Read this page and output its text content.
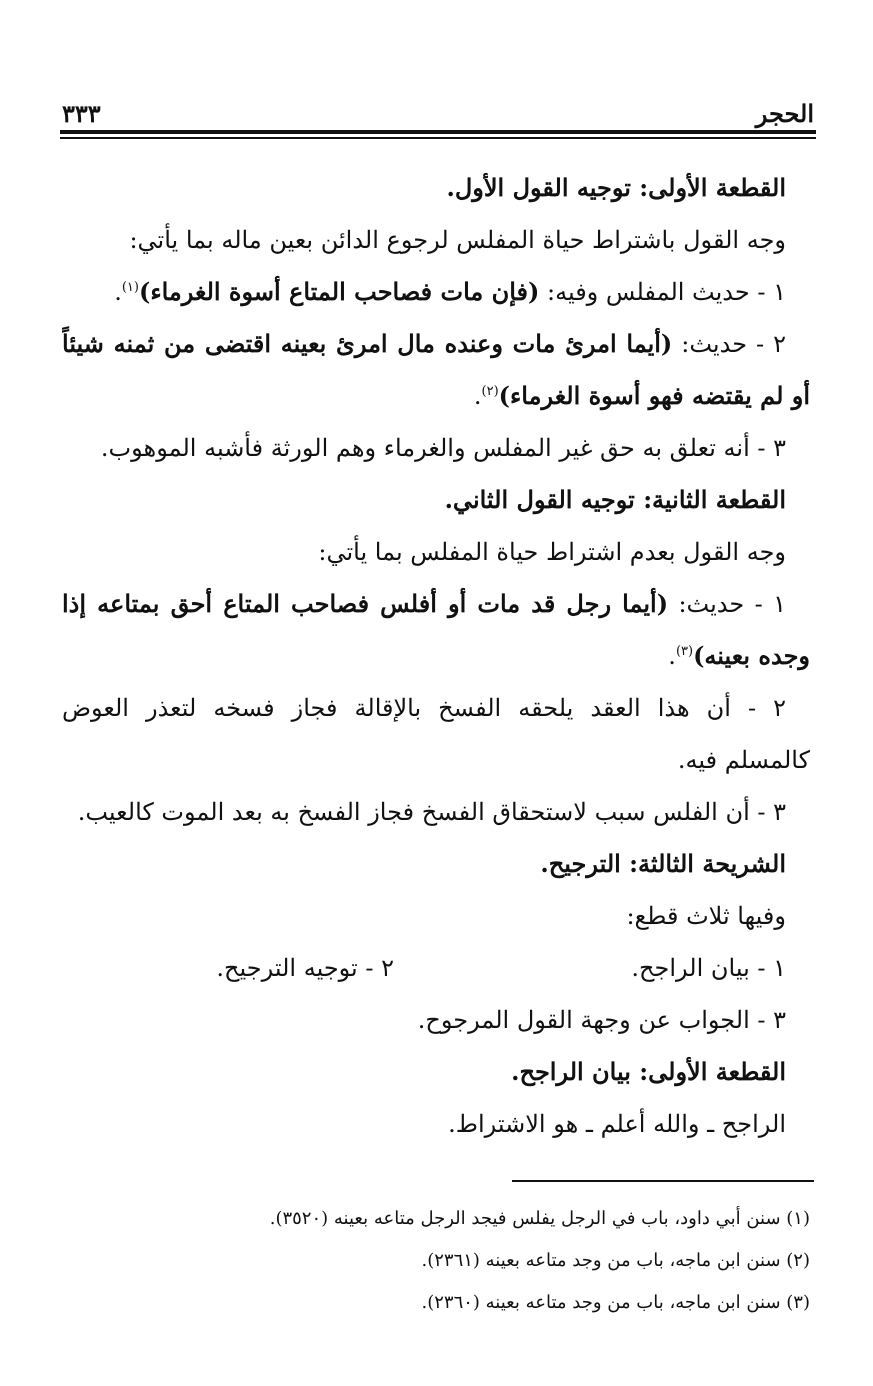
الحجر
٣٣٣
القطعة الأولى: توجيه القول الأول.
وجه القول باشتراط حياة المفلس لرجوع الدائن بعين ماله بما يأتي:
١ - حديث المفلس وفيه: (فإن مات فصاحب المتاع أسوة الغرماء)$^{(١)}$.
٢ - حديث: (أيما امرئ مات وعنده مال امرئ بعينه اقتضى من ثمنه شيئاً
أو لم يقتضه فهو أسوة الغرماء)$^{(٢)}$.
٣ - أنه تعلق به حق غير المفلس والغرماء وهم الورثة فأشبه الموهوب.
القطعة الثانية: توجيه القول الثاني.
وجه القول بعدم اشتراط حياة المفلس بما يأتي:
١ - حديث: (أيما رجل قد مات أو أفلس فصاحب المتاع أحق بمتاعه إذا
وجده بعينه)$^{(٣)}$.
٢ - أن هذا العقد يلحقه الفسخ بالإقالة فجاز فسخه لتعذر العوض
كالمسلم فيه.
٣ - أن الفلس سبب لاستحقاق الفسخ فجاز الفسخ به بعد الموت كالعيب.
الشريحة الثالثة: الترجيح.
وفيها ثلاث قطع:
١ - بيان الراجح.
٢ - توجيه الترجيح.
٣ - الجواب عن وجهة القول المرجوح.
القطعة الأولى: بيان الراجح.
الراجح ـ والله أعلم ـ هو الاشتراط.
(١) سنن أبي داود، باب في الرجل يفلس فيجد الرجل متاعه بعينه (٣٥٢٠).
(٢) سنن ابن ماجه، باب من وجد متاعه بعينه (٢٣٦١).
(٣) سنن ابن ماجه، باب من وجد متاعه بعينه (٢٣٦٠).
